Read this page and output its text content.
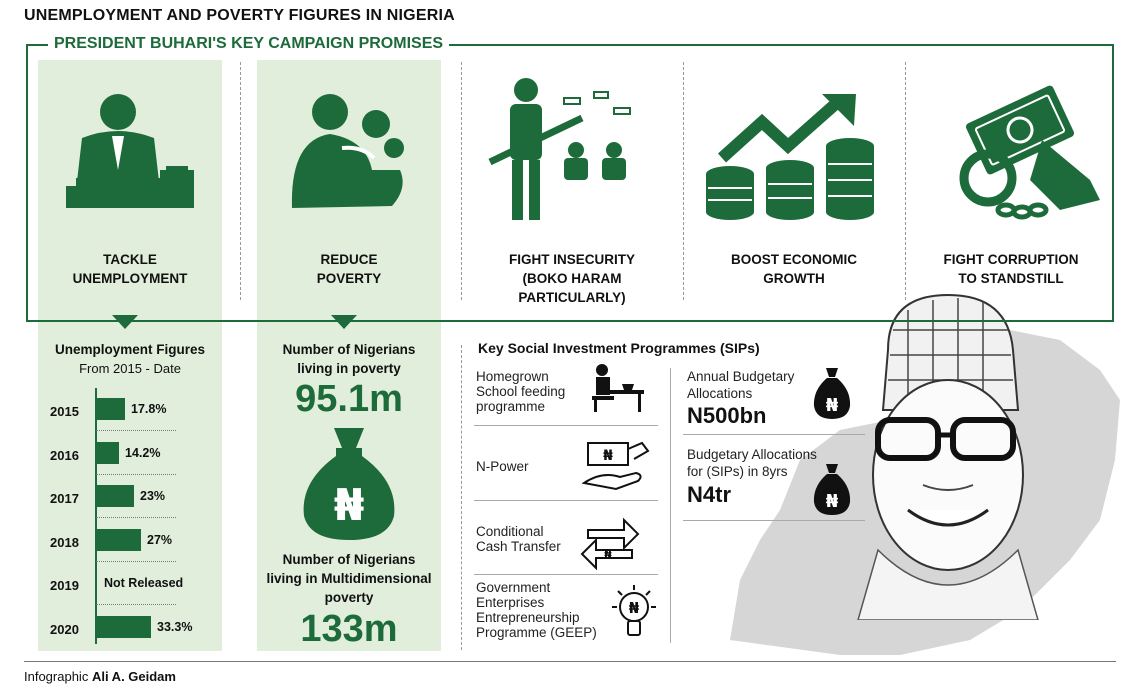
UNEMPLOYMENT AND POVERTY FIGURES IN NIGERIA
PRESIDENT BUHARI'S KEY CAMPAIGN PROMISES
TACKLE
UNEMPLOYMENT
REDUCE
POVERTY
FIGHT INSECURITY
(BOKO HARAM
PARTICULARLY)
BOOST ECONOMIC
GROWTH
FIGHT CORRUPTION
TO STANDSTILL
Unemployment Figures
From 2015 - Date
2015	17.8%
2016	14.2%
2017	23%
2018	27%
2019 Not Released
2020	33.3%
Number of Nigerians
living in poverty
95.1m
₦
Number of Nigerians
living in Multidimensional
poverty
133m
Key Social Investment Programmes (SIPs)
Homegrown
School feeding
programme
N-Power
₦
Conditional
Cash Transfer
₦
Government
Enterprises
Entrepreneurship
Programme (GEEP)
₦
Annual Budgetary
Allocations
N500bn	₦
Budgetary Allocations
for (SIPs) in 8yrs
N4tr	₦
Infographic Ali A. Geidam
